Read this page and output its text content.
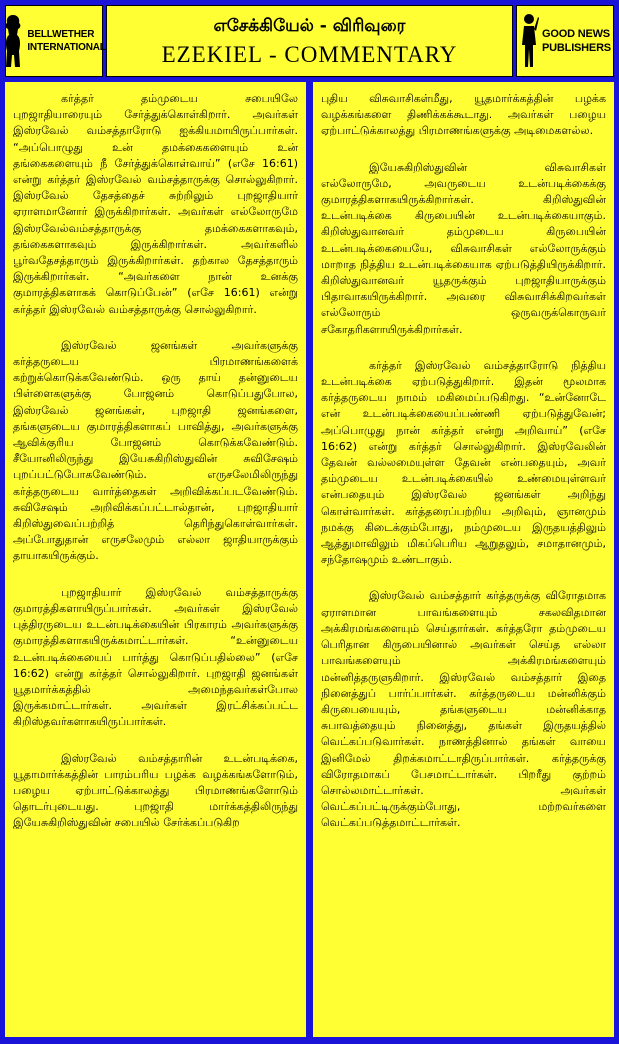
BELLWETHER
INTERNATIONAL
எசேக்கியேல் - விரிவுரை
EZEKIEL - COMMENTARY
GOOD NEWS
PUBLISHERS

கர்த்தர் தம்முடைய சபையிலே புறஜாதியாரையும் சேர்த்துக்கொள்கிறார். அவர்கள் இஸ்ரவேல் வம்சத்தாரோடு ஐக்கியமாயிருப்பார்கள். “அப்பொழுது உன் தமக்கைகளையும் உன் தங்கைகளையும் நீ சேர்த்துக்கொள்வாய்” (எசே 16:61) என்று கர்த்தர் இஸ்ரவேல் வம்சத்தாருக்கு சொல்லுகிறார். இஸ்ரவேல் தேசத்தைச் சுற்றிலும் புறஜாதியார் ஏராளமானோர் இருக்கிறார்கள். அவர்கள் எல்லோருமே இஸ்ரவேல்வம்சத்தாருக்கு தமக்கைகளாகவும், தங்கைகளாகவும் இருக்கிறார்கள். அவர்களில் பூர்வதேசத்தாரும் இருக்கிறார்கள். தற்கால தேசத்தாரும் இருக்கிறார்கள். “அவர்களை நான் உனக்கு குமாரத்திகளாகக் கொடுப்பேன்” (எசே 16:61) என்று கர்த்தர் இஸ்ரவேல் வம்சத்தாருக்கு சொல்லுகிறார்.

இஸ்ரவேல் ஜனங்கள் அவர்களுக்கு கர்த்தருடைய பிரமாணங்களைக் கற்றுக்கொடுக்கவேண்டும். ஒரு தாய் தன்னுடைய பிள்ளைகளுக்கு போஜனம் கொடுப்பதுபோல, இஸ்ரவேல் ஜனங்கள், புறஜாதி ஜனங்களை, தங்களுடைய குமாரத்திகளாகப் பாவித்து, அவர்களுக்கு ஆவிக்குரிய போஜனம் கொடுக்கவேண்டும். சீயோனிலிருந்து இயேசுகிறிஸ்துவின் சுவிசேஷம் புறப்பட்டுபோகவேண்டும். எருசலேமிலிருந்து கர்த்தருடைய வார்த்தைகள் அறிவிக்கப்படவேண்டும். சுவிசேஷம் அறிவிக்கப்பட்டால்தான், புறஜாதியார் கிறிஸ்துவைப்பற்றித் தெரிந்துகொள்வார்கள். அப்போதுதான் எருசலேமும் எல்லா ஜாதியாருக்கும் தாயாகயிருக்கும்.

புறஜாதியார் இஸ்ரவேல் வம்சத்தாருக்கு குமாரத்திகளாயிருப்பார்கள். அவர்கள் இஸ்ரவேல் புத்திரருடைய உடன்படிக்கையின் பிரகாரம் அவர்களுக்கு குமாரத்திகளாகயிருக்கமாட்டார்கள். “உன்னுடைய உடன்படிக்கையைப் பார்த்து கொடுப்பதில்லை” (எசே 16:62) என்று கர்த்தர் சொல்லுகிறார். புறஜாதி ஜனங்கள் யூதமார்க்கத்தில் அமைந்தவர்கள்போல இருக்கமாட்டார்கள். அவர்கள் இரட்சிக்கப்பட்ட கிறிஸ்தவர்களாகயிருப்பார்கள்.

இஸ்ரவேல் வம்சத்தாரின் உடன்படிக்கை, யூதாமார்க்கத்தின் பாரம்பரிய பழக்க வழக்கங்களோடும், பழைய ஏற்பாட்டுக்காலத்து பிரமாணங்களோடும் தொடர்புடையது. புறஜாதி மார்க்கத்திலிருந்து இயேசுகிறிஸ்துவின் சபையில் சேர்க்கப்படுகிற

புதிய விசுவாசிகள்மீது, யூதமார்க்கத்தின் பழக்க வழக்கங்களை திணிக்கக்கூடாது. அவர்கள் பழைய ஏற்பாட்டுக்காலத்து பிரமாணங்களுக்கு அடிமைகளல்ல.

இயேசுகிறிஸ்துவின் விசுவாசிகள் எல்லோருமே, அவருடைய உடன்படிக்கைக்கு குமாரத்திகளாகயிருக்கிறார்கள். கிறிஸ்துவின் உடன்படிக்கை கிருபையின் உடன்படிக்கையாகும். கிறிஸ்துவானவர் தம்முடைய கிருபையின் உடன்படிக்கையையே, விசுவாசிகள் எல்லோருக்கும் மாறாத நித்திய உடன்படிக்கையாக ஏற்படுத்தியிருக்கிறார். கிறிஸ்துவானவர் யூதருக்கும் புறஜாதியாருக்கும் பிதாவாகயிருக்கிறார். அவரை விசுவாசிக்கிறவர்கள் எல்லோரும் ஒருவருக்கொருவர் சகோதரிகளாயிருக்கிறார்கள்.

கர்த்தர் இஸ்ரவேல் வம்சத்தாரோடு நித்திய உடன்படிக்கை ஏற்படுத்துகிறார். இதன் மூலமாக கர்த்தருடைய நாமம் மகிமைப்படுகிறது. “உன்னோடே என் உடன்படிக்கையைப்பண்ணி ஏற்படுத்துவேன்; அப்பொழுது நான் கர்த்தர் என்று அறிவாய்” (எசே 16:62) என்று கர்த்தர் சொல்லுகிறார். இஸ்ரவேலின் தேவன் வல்லமையுள்ள தேவன் என்பதையும், அவர் தம்முடைய உடன்படிக்கையில் உண்மையுள்ளவர் என்பதையும் இஸ்ரவேல் ஜனங்கள் அறிந்து கொள்வார்கள். கர்த்தரைப்பற்றிய அறிவும், ஞானமும் நமக்கு கிடைக்கும்போது, நம்முடைய இருதயத்திலும் ஆத்துமாவிலும் மிகப்பெரிய ஆறுதலும், சமாதானமும், சந்தோஷமும் உண்டாகும்.

இஸ்ரவேல் வம்சத்தார் கர்த்தருக்கு விரோதமாக ஏராளமான பாவங்களையும் சகலவிதமான அக்கிரமங்களையும் செய்தார்கள். கர்த்தரோ தம்முடைய பெரிதான கிருபையினால் அவர்கள் செய்த எல்லா பாவங்களையும் அக்கிரமங்களையும் மன்னித்தருளுகிறார். இஸ்ரவேல் வம்சத்தார் இதை நினைத்துப் பார்ப்பார்கள். கர்த்தருடைய மன்னிக்கும் கிருபையையும், தங்களுடைய மன்னிக்காத சுபாவத்தையும் நினைத்து, தங்கள் இருதயத்தில் வெட்கப்படுவார்கள். நாணத்தினால் தங்கள் வாயை இனிமேல் திறக்கமாட்டாதிருப்பார்கள். கர்த்தருக்கு விரோதமாகப் பேசமாட்டார்கள். பிறரீது குற்றம் சொல்லமாட்டார்கள். அவர்கள் வெட்கப்பட்டிருக்கும்போது, மற்றவர்களை வெட்கப்படுத்தமாட்டார்கள்.
